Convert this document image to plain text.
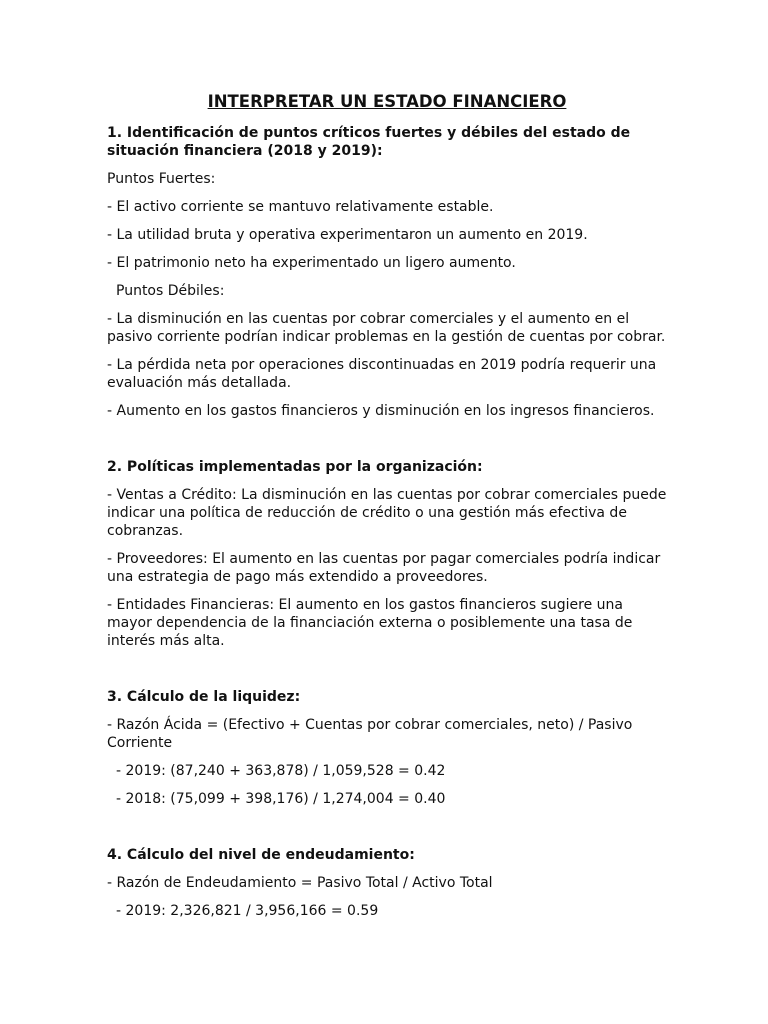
INTERPRETAR UN ESTADO FINANCIERO
1. Identificación de puntos críticos fuertes y débiles del estado de situación financiera (2018 y 2019):
Puntos Fuertes:
- El activo corriente se mantuvo relativamente estable.
- La utilidad bruta y operativa experimentaron un aumento en 2019.
- El patrimonio neto ha experimentado un ligero aumento.
Puntos Débiles:
- La disminución en las cuentas por cobrar comerciales y el aumento en el pasivo corriente podrían indicar problemas en la gestión de cuentas por cobrar.
- La pérdida neta por operaciones discontinuadas en 2019 podría requerir una evaluación más detallada.
- Aumento en los gastos financieros y disminución en los ingresos financieros.
2. Políticas implementadas por la organización:
- Ventas a Crédito: La disminución en las cuentas por cobrar comerciales puede indicar una política de reducción de crédito o una gestión más efectiva de cobranzas.
- Proveedores: El aumento en las cuentas por pagar comerciales podría indicar una estrategia de pago más extendido a proveedores.
- Entidades Financieras: El aumento en los gastos financieros sugiere una mayor dependencia de la financiación externa o posiblemente una tasa de interés más alta.
3. Cálculo de la liquidez:
- Razón Ácida = (Efectivo + Cuentas por cobrar comerciales, neto) / Pasivo Corriente
- 2019: (87,240 + 363,878) / 1,059,528 = 0.42
- 2018: (75,099 + 398,176) / 1,274,004 = 0.40
4. Cálculo del nivel de endeudamiento:
- Razón de Endeudamiento = Pasivo Total / Activo Total
- 2019: 2,326,821 / 3,956,166 = 0.59
